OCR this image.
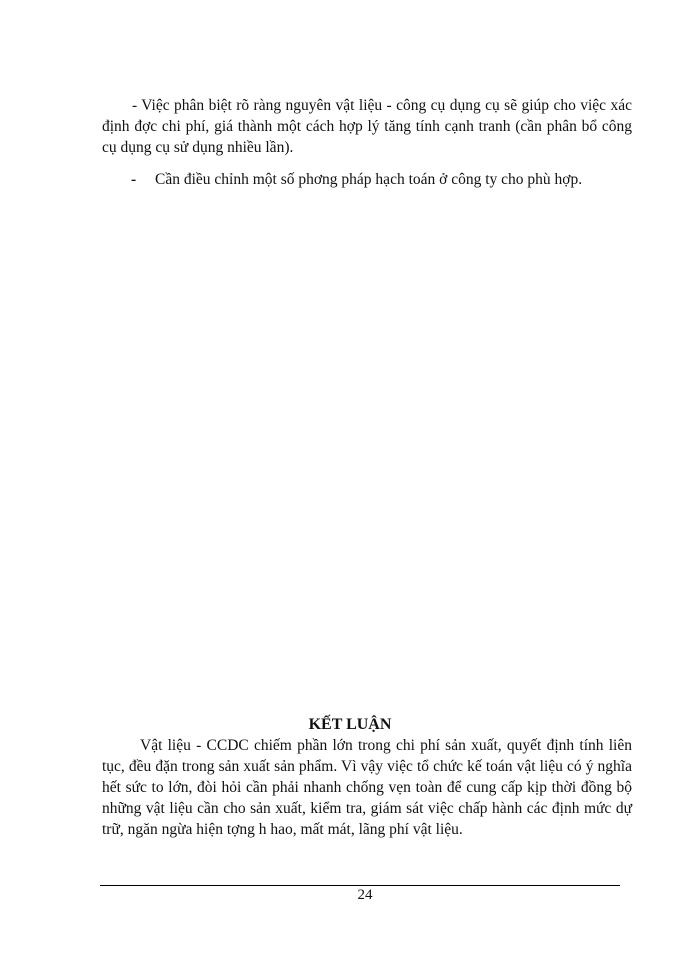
- Việc phân biệt rõ ràng nguyên vật liệu - công cụ dụng cụ sẽ giúp cho việc xác định đợc chi phí, giá thành một cách hợp lý tăng tính cạnh tranh (cần phân bổ công cụ dụng cụ sử dụng nhiều lần).

- Cần điều chỉnh một số phơng pháp hạch toán ở công ty cho phù hợp.
KẾT LUẬN

Vật liệu - CCDC chiếm phần lớn trong chi phí sản xuất, quyết định tính liên tục, đều đặn trong sản xuất sản phẩm. Vì vậy việc tổ chức kế toán vật liệu có ý nghĩa hết sức to lớn, đòi hỏi cần phải nhanh chống vẹn toàn để cung cấp kịp thời đồng bộ những vật liệu cần cho sản xuất, kiểm tra, giám sát việc chấp hành các định mức dự trữ, ngăn ngừa hiện tợng h hao, mất mát, lãng phí vật liệu.

24
